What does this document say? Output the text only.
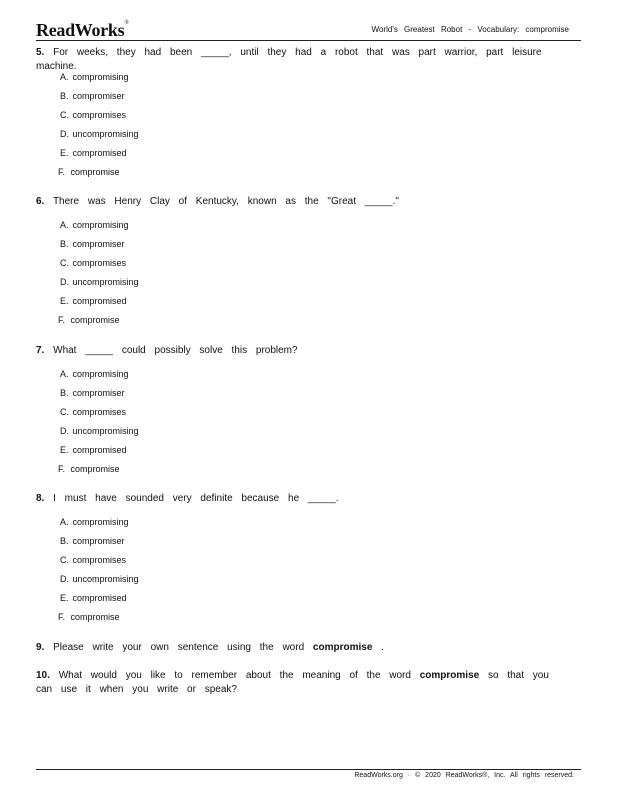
ReadWorks®
World's Greatest Robot - Vocabulary: compromise
5. For weeks, they had been _____, until they had a robot that was part warrior, part leisure machine.
A. compromising
B. compromiser
C. compromises
D. uncompromising
E. compromised
F. compromise
6. There was Henry Clay of Kentucky, known as the "Great _____."
A. compromising
B. compromiser
C. compromises
D. uncompromising
E. compromised
F. compromise
7. What _____ could possibly solve this problem?
A. compromising
B. compromiser
C. compromises
D. uncompromising
E. compromised
F. compromise
8. I must have sounded very definite because he _____.
A. compromising
B. compromiser
C. compromises
D. uncompromising
E. compromised
F. compromise
9. Please write your own sentence using the word compromise .
10. What would you like to remember about the meaning of the word compromise so that you can use it when you write or speak?
ReadWorks.org · © 2020 ReadWorks®, Inc. All rights reserved.
